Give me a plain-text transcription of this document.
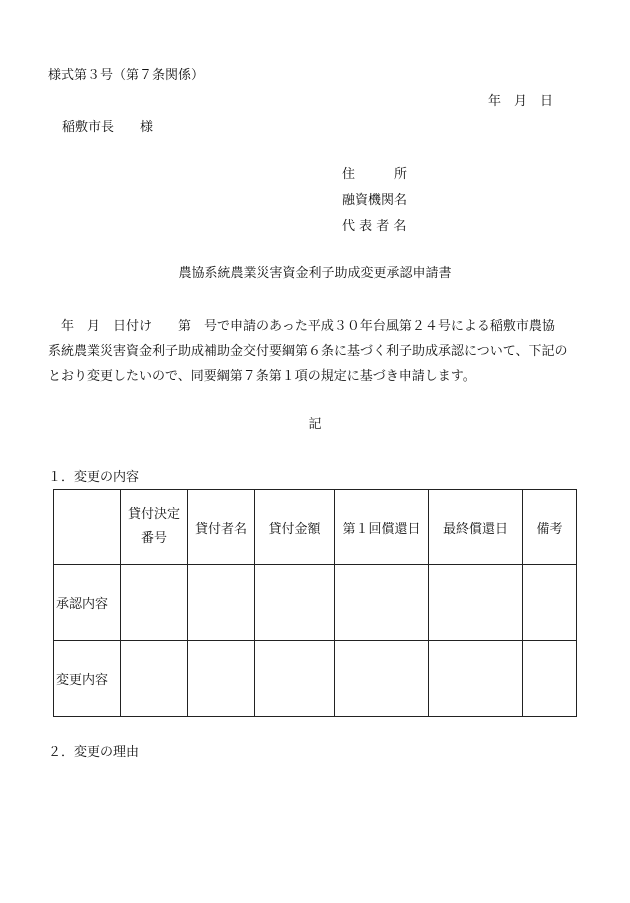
様式第３号（第７条関係）
年　月　日
稲敷市長　　様
住　　　所
融資機関名
代 表 者 名
農協系統農業災害資金利子助成変更承認申請書
　年　月　日付け　　第　号で申請のあった平成３０年台風第２４号による稲敷市農協
系統農業災害資金利子助成補助金交付要綱第６条に基づく利子助成承認について、下記の
とおり変更したいので、同要綱第７条第１項の規定に基づき申請します。
記
１．変更の内容
	貸付決定
番号	貸付者名	貸付金額	第１回償還日	最終償還日	備考
承認内容						
変更内容						
２．変更の理由
